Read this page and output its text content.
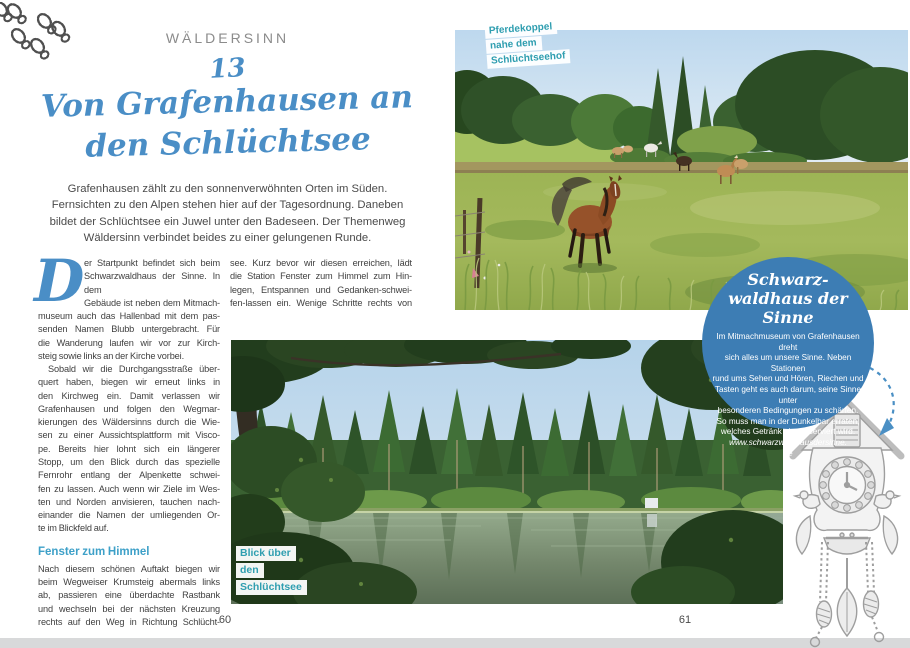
WÄLDERSINN
13
Von Grafenhausen an
den Schlüchtsee
Grafenhausen zählt zu den sonnenverwöhnten Orten im Süden.
Fernsichten zu den Alpen stehen hier auf der Tagesordnung. Daneben
bildet der Schlüchtsee ein Juwel unter den Badeseen. Der Themenweg
Wäldersinn verbindet beides zu einer gelungenen Runde.
D er Startpunkt befindet sich beim
Schwarzwaldhaus der Sinne. In dem
Gebäude ist neben dem Mitmach-
museum auch das Hallenbad mit dem pas-
senden Namen Blubb untergebracht. Für
die Wanderung laufen wir vor zur Kirch-
steig sowie links an der Kirche vorbei.
Sobald wir die Durchgangsstraße über-
quert haben, biegen wir erneut links in
den Kirchweg ein. Damit verlassen wir
Grafenhausen und folgen den Wegmar-
kierungen des Wäldersinns durch die Wie-
sen zu einer Aussichtsplattform mit Visco-
pe. Bereits hier lohnt sich ein längerer
Stopp, um den Blick durch das spezielle
Fernrohr entlang der Alpenkette schwei-
fen zu lassen. Auch wenn wir Ziele im Wes-
ten und Norden anvisieren, tauchen nach-
einander die Namen der umliegenden Or-
te im Blickfeld auf.
Fenster zum Himmel
Nach diesem schönen Auftakt biegen wir
beim Wegweiser Krumsteig abermals links
ab, passieren eine überdachte Rastbank
und wechseln bei der nächsten Kreuzung
rechts auf den Weg in Richtung Schlücht-
see. Kurz bevor wir diesen erreichen, lädt
die Station Fenster zum Himmel zum Hin-
legen, Entspannen und Gedanken-schwei-
fen-lassen ein. Wenige Schritte rechts von
60	61
Pferdekoppel
nahe dem
Schlüchtseehof
Blick über
den
Schlüchtsee
Schwarz-
waldhaus der Sinne
Im Mitmachmuseum von Grafenhausen dreht
sich alles um unsere Sinne. Neben Stationen
rund ums Sehen und Hören, Riechen und
Tasten geht es auch darum, seine Sinne unter
besonderen Bedingungen zu schärfen.
So muss man in der Dunkelbar erraten,
welches Getränk einem serviert wird.
www.schwarzwaldhausdersinne.
de
